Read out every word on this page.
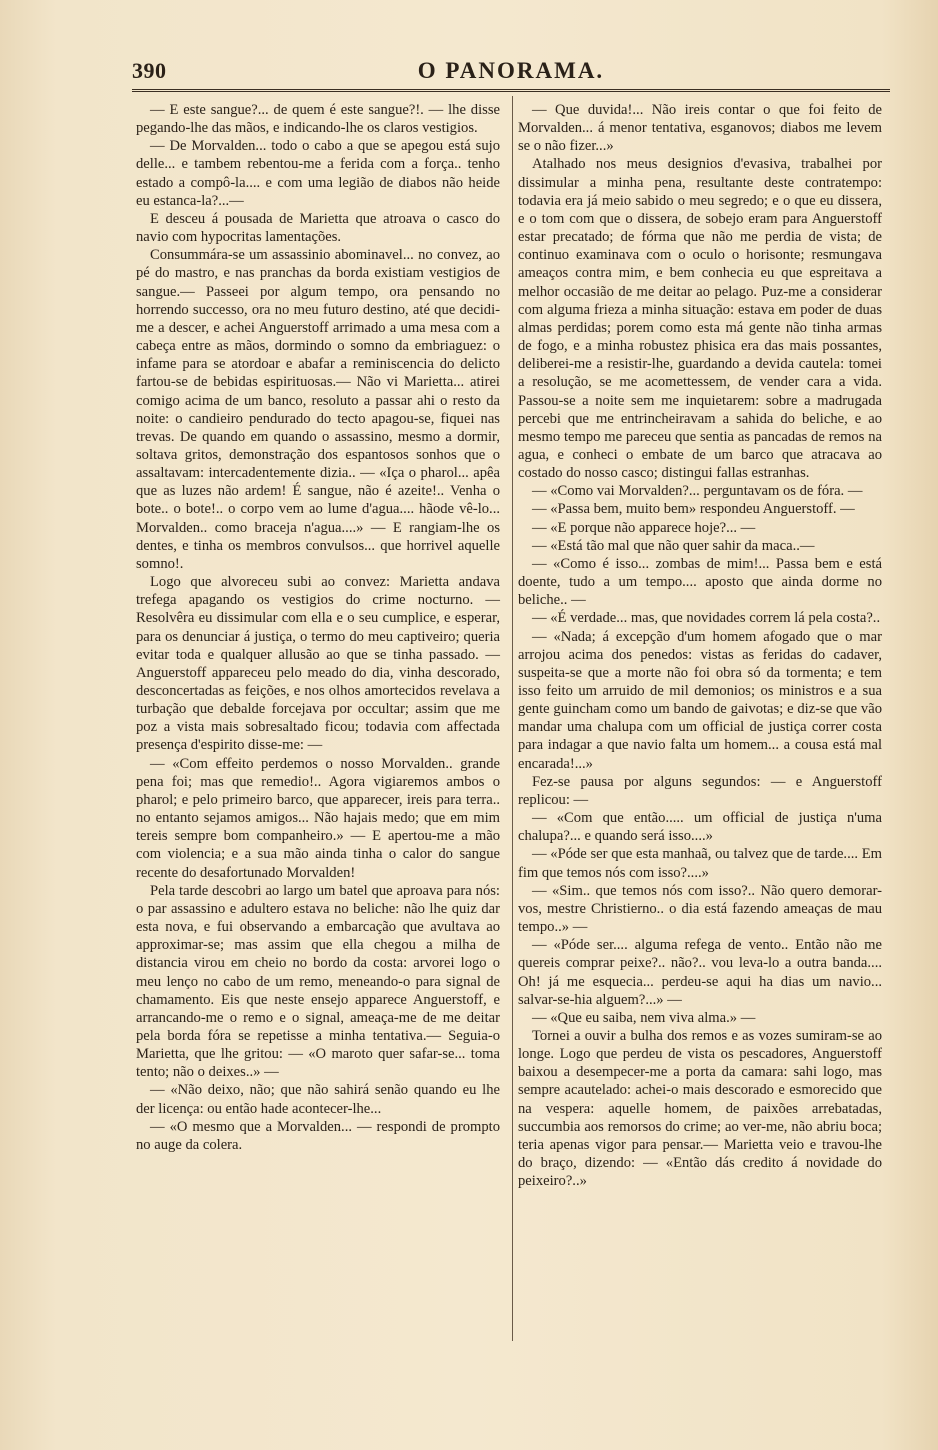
390	O PANORAMA.

— E este sangue?... de quem é este sangue?!. — lhe disse pegando-lhe das mãos, e indicando-lhe os claros vestigios.

— De Morvalden... todo o cabo a que se apegou está sujo delle... e tambem rebentou-me a ferida com a força.. tenho estado a compô-la.... e com uma legião de diabos não heide eu estanca-la?...—

E desceu á pousada de Marietta que atroava o casco do navio com hypocritas lamentações.

Consummára-se um assassinio abominavel... no convez, ao pé do mastro, e nas pranchas da borda existiam vestigios de sangue.— Passeei por algum tempo, ora pensando no horrendo successo, ora no meu futuro destino, até que decidi-me a descer, e achei Anguerstoff arrimado a uma mesa com a cabeça entre as mãos, dormindo o somno da embriaguez: o infame para se atordoar e abafar a reminiscencia do delicto fartou-se de bebidas espirituosas.— Não vi Marietta... atirei comigo acima de um banco, resoluto a passar ahi o resto da noite: o candieiro pendurado do tecto apagou-se, fiquei nas trevas. De quando em quando o assassino, mesmo a dormir, soltava gritos, demonstração dos espantosos sonhos que o assaltavam: intercadentemente dizia.. — «Iça o pharol... apêa que as luzes não ardem! É sangue, não é azeite!.. Venha o bote.. o bote!.. o corpo vem ao lume d'agua.... hãode vê-lo... Morvalden.. como braceja n'agua....» — E rangiam-lhe os dentes, e tinha os membros convulsos... que horrivel aquelle somno!.

Logo que alvoreceu subi ao convez: Marietta andava trefega apagando os vestigios do crime nocturno. — Resolvêra eu dissimular com ella e o seu cumplice, e esperar, para os denunciar á justiça, o termo do meu captiveiro; queria evitar toda e qualquer allusão ao que se tinha passado. — Anguerstoff appareceu pelo meado do dia, vinha descorado, desconcertadas as feições, e nos olhos amortecidos revelava a turbação que debalde forcejava por occultar; assim que me poz a vista mais sobresaltado ficou; todavia com affectada presença d'espirito disse-me: —

— «Com effeito perdemos o nosso Morvalden.. grande pena foi; mas que remedio!.. Agora vigiaremos ambos o pharol; e pelo primeiro barco, que apparecer, ireis para terra.. no entanto sejamos amigos... Não hajais medo; que em mim tereis sempre bom companheiro.» — E apertou-me a mão com violencia; e a sua mão ainda tinha o calor do sangue recente do desafortunado Morvalden!

Pela tarde descobri ao largo um batel que aproava para nós: o par assassino e adultero estava no beliche: não lhe quiz dar esta nova, e fui observando a embarcação que avultava ao approximar-se; mas assim que ella chegou a milha de distancia virou em cheio no bordo da costa: arvorei logo o meu lenço no cabo de um remo, meneando-o para signal de chamamento. Eis que neste ensejo apparece Anguerstoff, e arrancando-me o remo e o signal, ameaça-me de me deitar pela borda fóra se repetisse a minha tentativa.— Seguia-o Marietta, que lhe gritou: — «O maroto quer safar-se... toma tento; não o deixes..» —

— «Não deixo, não; que não sahirá senão quando eu lhe der licença: ou então hade acontecer-lhe...

— «O mesmo que a Morvalden... — respondi de prompto no auge da colera.

— Que duvida!... Não ireis contar o que foi feito de Morvalden... á menor tentativa, esganovos; diabos me levem se o não fizer...»

Atalhado nos meus designios d'evasiva, trabalhei por dissimular a minha pena, resultante deste contratempo: todavia era já meio sabido o meu segredo; e o que eu dissera, e o tom com que o dissera, de sobejo eram para Anguerstoff estar precatado; de fórma que não me perdia de vista; de continuo examinava com o oculo o horisonte; resmungava ameaços contra mim, e bem conhecia eu que espreitava a melhor occasião de me deitar ao pelago. Puz-me a considerar com alguma frieza a minha situação: estava em poder de duas almas perdidas; porem como esta má gente não tinha armas de fogo, e a minha robustez phisica era das mais possantes, deliberei-me a resistir-lhe, guardando a devida cautela: tomei a resolução, se me acomettessem, de vender cara a vida. Passou-se a noite sem me inquietarem: sobre a madrugada percebi que me entrincheiravam a sahida do beliche, e ao mesmo tempo me pareceu que sentia as pancadas de remos na agua, e conheci o embate de um barco que atracava ao costado do nosso casco; distingui fallas estranhas.

— «Como vai Morvalden?... perguntavam os de fóra. —

— «Passa bem, muito bem» respondeu Anguerstoff. —

— «E porque não apparece hoje?... —

— «Está tão mal que não quer sahir da maca..—

— «Como é isso... zombas de mim!... Passa bem e está doente, tudo a um tempo.... aposto que ainda dorme no beliche.. —

— «É verdade... mas, que novidades correm lá pela costa?..

— «Nada; á excepção d'um homem afogado que o mar arrojou acima dos penedos: vistas as feridas do cadaver, suspeita-se que a morte não foi obra só da tormenta; e tem isso feito um arruido de mil demonios; os ministros e a sua gente guincham como um bando de gaivotas; e diz-se que vão mandar uma chalupa com um official de justiça correr costa para indagar a que navio falta um homem... a cousa está mal encarada!...»

Fez-se pausa por alguns segundos: — e Anguerstoff replicou: —

— «Com que então..... um official de justiça n'uma chalupa?... e quando será isso....»

— «Póde ser que esta manhaã, ou talvez que de tarde.... Em fim que temos nós com isso?....»

— «Sim.. que temos nós com isso?.. Não quero demorar-vos, mestre Christierno.. o dia está fazendo ameaças de mau tempo..» —

— «Póde ser.... alguma refega de vento.. Então não me quereis comprar peixe?.. não?.. vou leva-lo a outra banda.... Oh! já me esquecia... perdeu-se aqui ha dias um navio... salvar-se-hia alguem?...» —

— «Que eu saiba, nem viva alma.» —

Tornei a ouvir a bulha dos remos e as vozes sumiram-se ao longe. Logo que perdeu de vista os pescadores, Anguerstoff baixou a desempecer-me a porta da camara: sahi logo, mas sempre acautelado: achei-o mais descorado e esmorecido que na vespera: aquelle homem, de paixões arrebatadas, succumbia aos remorsos do crime; ao ver-me, não abriu boca; teria apenas vigor para pensar.— Marietta veio e travou-lhe do braço, dizendo: — «Então dás credito á novidade do peixeiro?..»
